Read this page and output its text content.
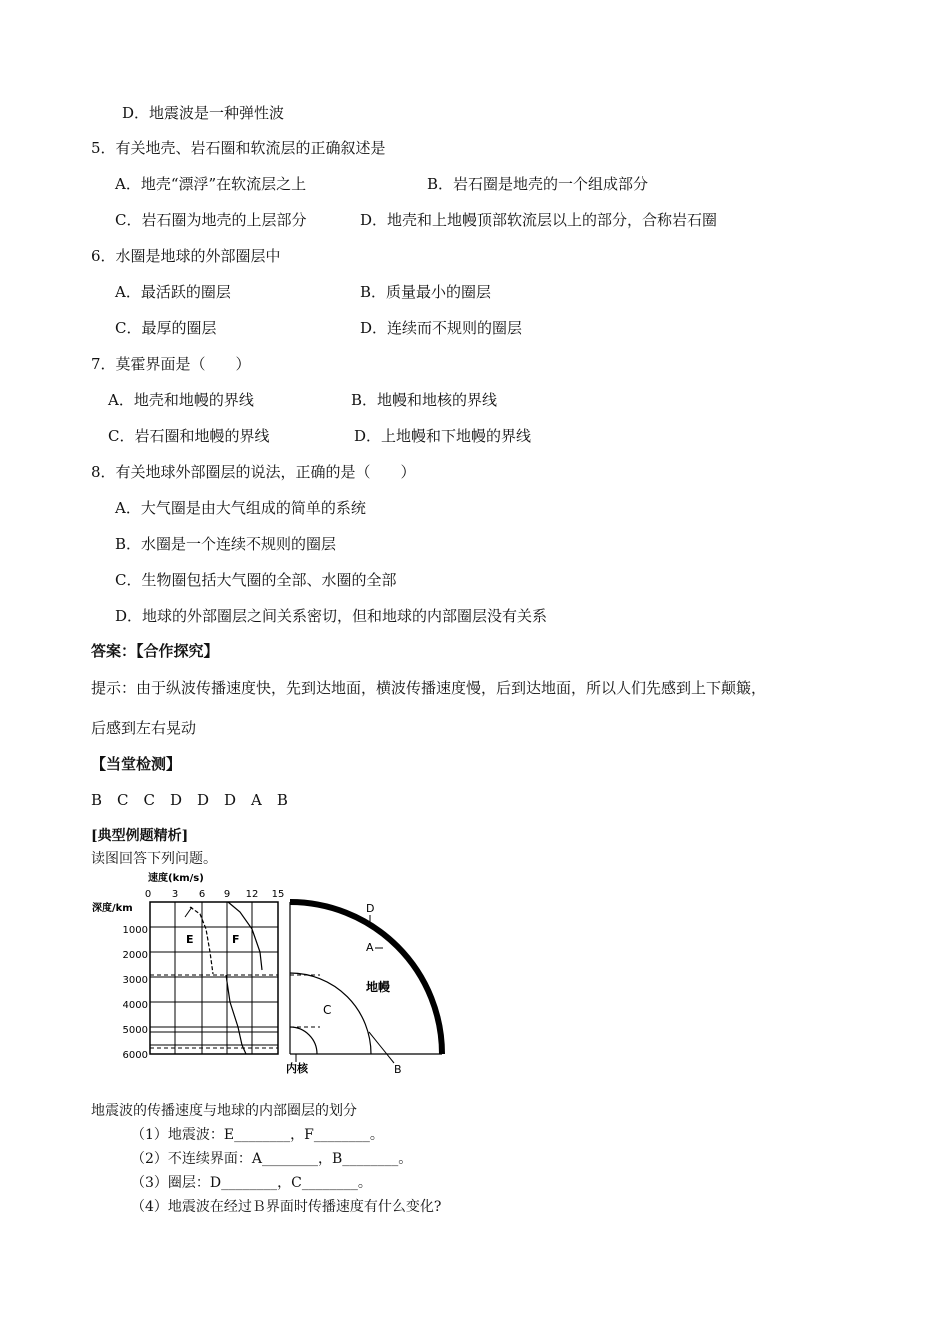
D．地震波是一种弹性波
5．有关地壳、岩石圈和软流层的正确叙述是
A．地壳“漂浮”在软流层之上	B．岩石圈是地壳的一个组成部分
C．岩石圈为地壳的上层部分	D．地壳和上地幔顶部软流层以上的部分，合称岩石圈
6．水圈是地球的外部圈层中
A．最活跃的圈层	B．质量最小的圈层
C．最厚的圈层	D．连续而不规则的圈层
7．莫霍界面是（　　）
A．地壳和地幔的界线	B．地幔和地核的界线
C．岩石圈和地幔的界线	D．上地幔和下地幔的界线
8．有关地球外部圈层的说法，正确的是（　　）
A．大气圈是由大气组成的简单的系统
B．水圈是一个连续不规则的圈层
C．生物圈包括大气圈的全部、水圈的全部
D．地球的外部圈层之间关系密切，但和地球的内部圈层没有关系
答案：【合作探究】
提示：由于纵波传播速度快，先到达地面，横波传播速度慢，后到达地面，所以人们先感到上下颠簸，
后感到左右晃动
【当堂检测】
B　C　C　D　D　D　A　B
[典型例题精析]
读图回答下列问题。
速度(km/s)
0 3 6 9 12 15
深度/km
1000
2000
3000
4000
5000
6000
E	F
D
A
地幔
C
B
内核
地震波的传播速度与地球的内部圈层的划分
（1）地震波：E________，F________。
（2）不连续界面：A________，B________。
（3）圈层：D________，C________。
（4）地震波在经过Ｂ界面时传播速度有什么变化?
